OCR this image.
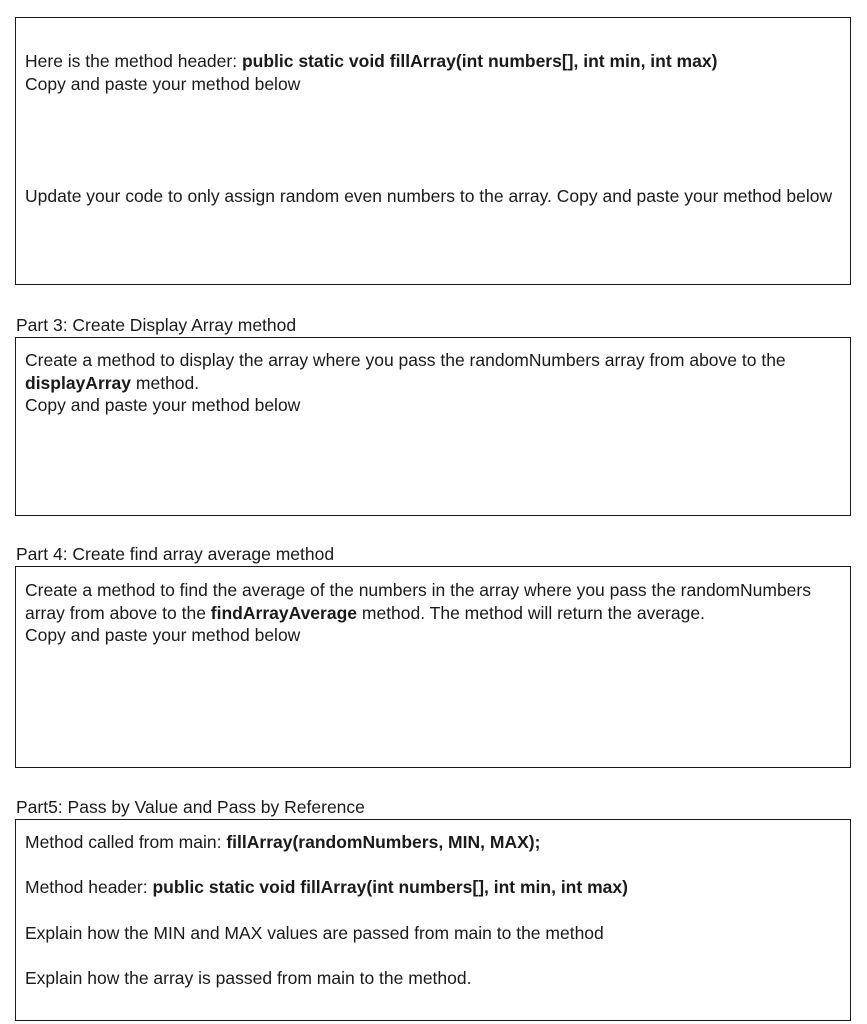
Here is the method header: public static void fillArray(int numbers[], int min, int max)

Copy and paste your method below

Update your code to only assign random even numbers to the array. Copy and paste your method below

Part 3: Create Display Array method

Create a method to display the array where you pass the randomNumbers array from above to the displayArray method.

Copy and paste your method below

Part 4: Create find array average method

Create a method to find the average of the numbers in the array where you pass the randomNumbers array from above to the findArrayAverage method. The method will return the average.

Copy and paste your method below

Part5: Pass by Value and Pass by Reference

Method called from main: fillArray(randomNumbers, MIN, MAX);

Method header: public static void fillArray(int numbers[], int min, int max)

Explain how the MIN and MAX values are passed from main to the method

Explain how the array is passed from main to the method.
